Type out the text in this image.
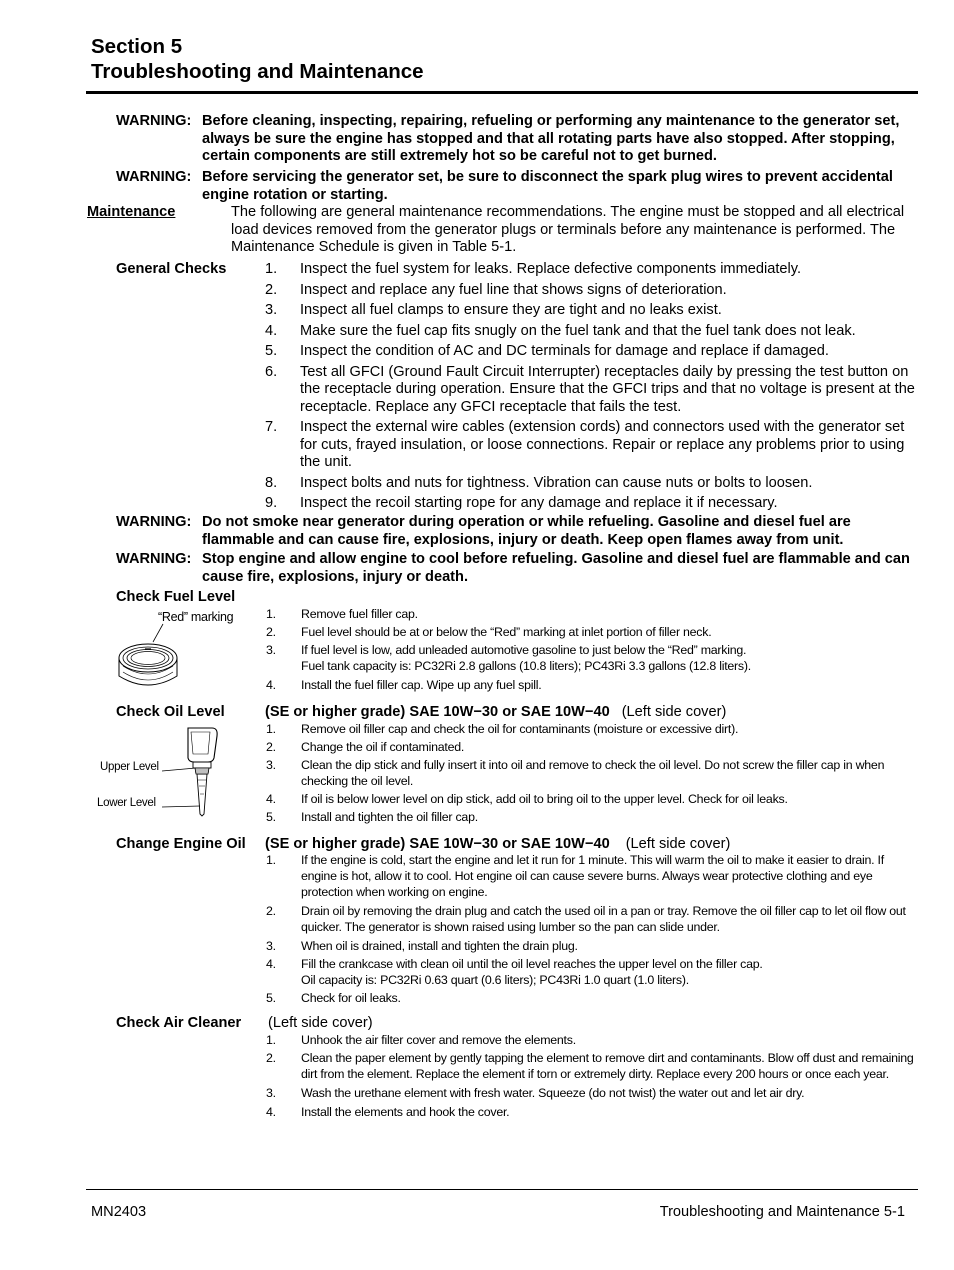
Section 5
Troubleshooting and Maintenance
WARNING: Before cleaning, inspecting, repairing, refueling or performing any maintenance to the generator set, always be sure the engine has stopped and that all rotating parts have also stopped. After stopping, certain components are still extremely hot so be careful not to get burned.
WARNING: Before servicing the generator set, be sure to disconnect the spark plug wires to prevent accidental engine rotation or starting.
Maintenance	The following are general maintenance recommendations. The engine must be stopped and all electrical load devices removed from the generator plugs or terminals before any maintenance is performed. The Maintenance Schedule is given in Table 5-1.
General Checks	1.	Inspect the fuel system for leaks. Replace defective components immediately.
2.	Inspect and replace any fuel line that shows signs of deterioration.
3.	Inspect all fuel clamps to ensure they are tight and no leaks exist.
4.	Make sure the fuel cap fits snugly on the fuel tank and that the fuel tank does not leak.
5.	Inspect the condition of AC and DC terminals for damage and replace if damaged.
6.	Test all GFCI (Ground Fault Circuit Interrupter) receptacles daily by pressing the test button on the receptacle during operation. Ensure that the GFCI trips and that no voltage is present at the receptacle. Replace any GFCI receptacle that fails the test.
7.	Inspect the external wire cables (extension cords) and connectors used with the generator set for cuts, frayed insulation, or loose connections. Repair or replace any problems prior to using the unit.
8.	Inspect bolts and nuts for tightness. Vibration can cause nuts or bolts to loosen.
9.	Inspect the recoil starting rope for any damage and replace it if necessary.
WARNING: Do not smoke near generator during operation or while refueling. Gasoline and diesel fuel are flammable and can cause fire, explosions, injury or death. Keep open flames away from unit.
WARNING: Stop engine and allow engine to cool before refueling. Gasoline and diesel fuel are flammable and can cause fire, explosions, injury or death.
Check Fuel Level
“Red” marking	1.	Remove fuel filler cap.
2.	Fuel level should be at or below the “Red” marking at inlet portion of filler neck.
3.	If fuel level is low, add unleaded automotive gasoline to just below the “Red” marking.
Fuel tank capacity is: PC32Ri 2.8 gallons (10.8 liters); PC43Ri 3.3 gallons (12.8 liters).
4.	Install the fuel filler cap. Wipe up any fuel spill.
Check Oil Level	(SE or higher grade) SAE 10W−30 or SAE 10W−40 (Left side cover)
Upper Level
Lower Level
1.	Remove oil filler cap and check the oil for contaminants (moisture or excessive dirt).
2.	Change the oil if contaminated.
3.	Clean the dip stick and fully insert it into oil and remove to check the oil level. Do not screw the filler cap in when checking the oil level.
4.	If oil is below lower level on dip stick, add oil to bring oil to the upper level. Check for oil leaks.
5.	Install and tighten the oil filler cap.
Change Engine Oil (SE or higher grade) SAE 10W−30 or SAE 10W−40 (Left side cover)
1.	If the engine is cold, start the engine and let it run for 1 minute. This will warm the oil to make it easier to drain. If engine is hot, allow it to cool. Hot engine oil can cause severe burns. Always wear protective clothing and eye protection when working on engine.
2.	Drain oil by removing the drain plug and catch the used oil in a pan or tray. Remove the oil filler cap to let oil flow out quicker. The generator is shown raised using lumber so the pan can slide under.
3.	When oil is drained, install and tighten the drain plug.
4.	Fill the crankcase with clean oil until the oil level reaches the upper level on the filler cap.
Oil capacity is: PC32Ri 0.63 quart (0.6 liters); PC43Ri 1.0 quart (1.0 liters).
5.	Check for oil leaks.
Check Air Cleaner (Left side cover)
1.	Unhook the air filter cover and remove the elements.
2.	Clean the paper element by gently tapping the element to remove dirt and contaminants. Blow off dust and remaining dirt from the element. Replace the element if torn or extremely dirty. Replace every 200 hours or once each year.
3.	Wash the urethane element with fresh water. Squeeze (do not twist) the water out and let air dry.
4.	Install the elements and hook the cover.
MN2403	Troubleshooting and Maintenance 5-1
